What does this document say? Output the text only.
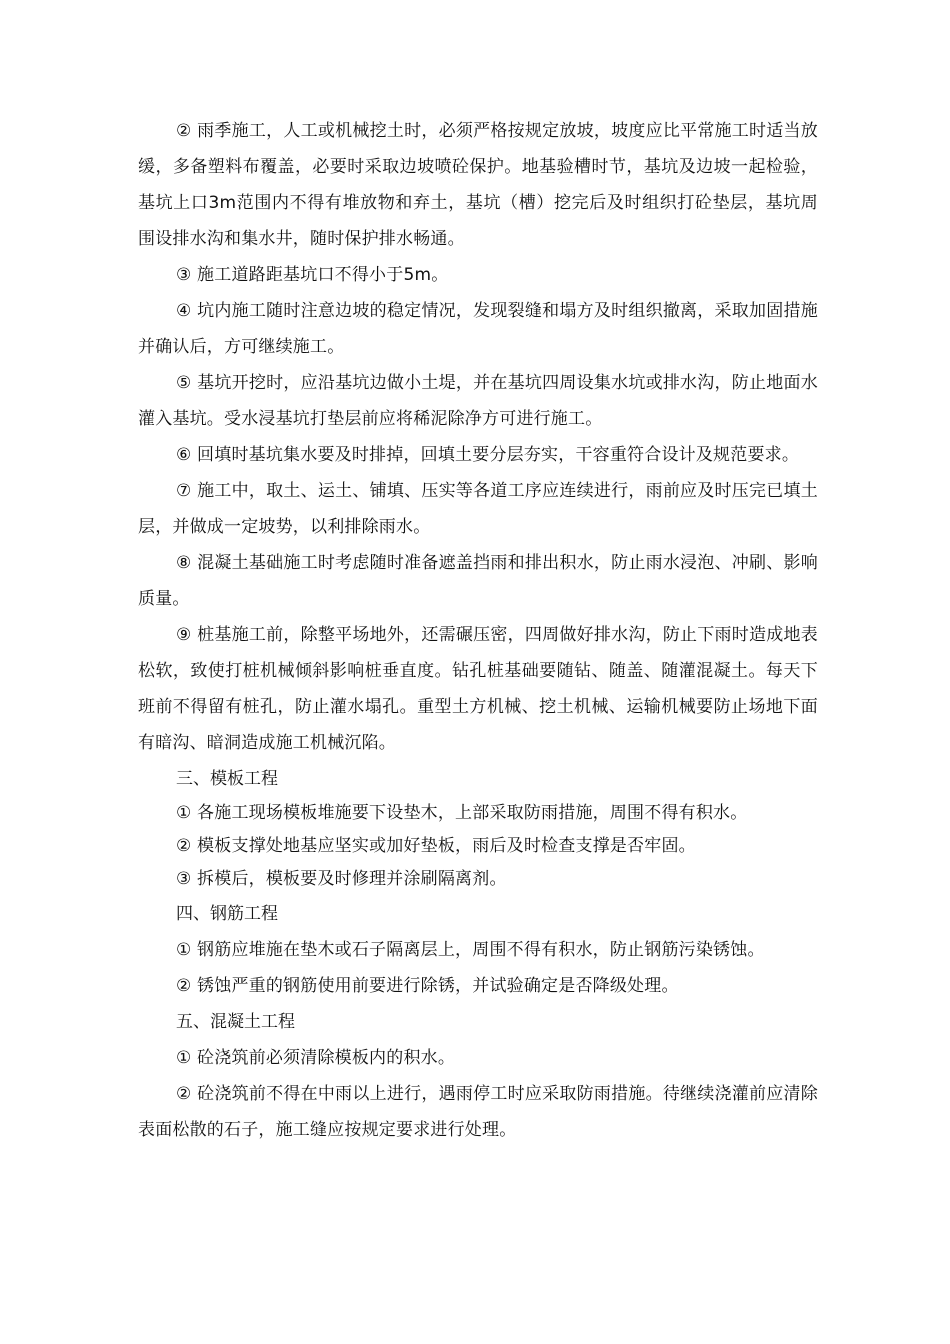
② 雨季施工，人工或机械挖土时，必须严格按规定放坡，坡度应比平常施工时适当放缓，多备塑料布覆盖，必要时采取边坡喷砼保护。地基验槽时节，基坑及边坡一起检验，基坑上口3m范围内不得有堆放物和弃土，基坑（槽）挖完后及时组织打砼垫层，基坑周围设排水沟和集水井，随时保护排水畅通。

③ 施工道路距基坑口不得小于5m。

④ 坑内施工随时注意边坡的稳定情况，发现裂缝和塌方及时组织撤离，采取加固措施并确认后，方可继续施工。

⑤ 基坑开挖时，应沿基坑边做小土堤，并在基坑四周设集水坑或排水沟，防止地面水灌入基坑。受水浸基坑打垫层前应将稀泥除净方可进行施工。

⑥ 回填时基坑集水要及时排掉，回填土要分层夯实，干容重符合设计及规范要求。

⑦ 施工中，取土、运土、铺填、压实等各道工序应连续进行，雨前应及时压完已填土层，并做成一定坡势，以利排除雨水。

⑧ 混凝土基础施工时考虑随时准备遮盖挡雨和排出积水，防止雨水浸泡、冲刷、影响质量。

⑨ 桩基施工前，除整平场地外，还需碾压密，四周做好排水沟，防止下雨时造成地表松软，致使打桩机械倾斜影响桩垂直度。钻孔桩基础要随钻、随盖、随灌混凝土。每天下班前不得留有桩孔，防止灌水塌孔。重型土方机械、挖土机械、运输机械要防止场地下面有暗沟、暗洞造成施工机械沉陷。

三、模板工程

① 各施工现场模板堆施要下设垫木，上部采取防雨措施，周围不得有积水。

② 模板支撑处地基应坚实或加好垫板，雨后及时检查支撑是否牢固。

③ 拆模后，模板要及时修理并涂刷隔离剂。

四、钢筋工程

① 钢筋应堆施在垫木或石子隔离层上，周围不得有积水，防止钢筋污染锈蚀。

② 锈蚀严重的钢筋使用前要进行除锈，并试验确定是否降级处理。

五、混凝土工程

① 砼浇筑前必须清除模板内的积水。

② 砼浇筑前不得在中雨以上进行，遇雨停工时应采取防雨措施。待继续浇灌前应清除表面松散的石子，施工缝应按规定要求进行处理。
